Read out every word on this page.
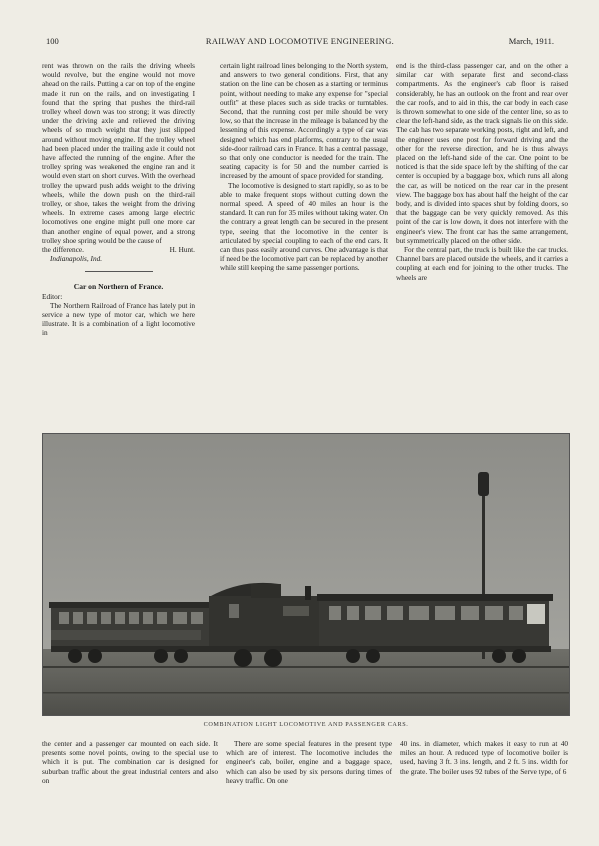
100	RAILWAY AND LOCOMOTIVE ENGINEERING.	March, 1911.

rent was thrown on the rails the driving wheels would revolve, but the engine would not move ahead on the rails. Putting a car on top of the engine made it run on the rails, and on investigating I found that the spring that pushes the third-rail trolley wheel down was too strong; it was directly under the driving axle and relieved the driving wheels of so much weight that they just slipped around without moving engine. If the trolley wheel had been placed under the trailing axle it could not have affected the running of the engine. After the trolley spring was weakened the engine ran and it would even start on short curves. With the overhead trolley the upward push adds weight to the driving wheels, while the down push on the third-rail trolley, or shoe, takes the weight from the driving wheels. In extreme cases among large electric locomotives one engine might pull one more car than another engine of equal power, and a strong trolley shoe spring would be the cause of

the difference.	H. Hunt.

Indianapolis, Ind.

Car on Northern of France.

Editor:

The Northern Railroad of France has lately put in service a new type of motor car, which we here illustrate. It is a combination of a light locomotive in

certain light railroad lines belonging to the North system, and answers to two general conditions. First, that any station on the line can be chosen as a starting or terminus point, without needing to make any expense for "special outfit" at these places such as side tracks or turntables. Second, that the running cost per mile should be very low, so that the increase in the mileage is balanced by the lessening of this expense. Accordingly a type of car was designed which has end platforms, contrary to the usual side-door railroad cars in France. It has a central passage, so that only one conductor is needed for the train. The seating capacity is for 50 and the number carried is increased by the amount of space provided for standing.

The locomotive is designed to start rapidly, so as to be able to make frequent stops without cutting down the normal speed. A speed of 40 miles an hour is the standard. It can run for 35 miles without taking water. On the contrary a great length can be secured in the present type, seeing that the locomotive in the center is articulated by special coupling to each of the end cars. It can thus pass easily around curves. One advantage is that if need be the locomotive part can be replaced by another while still keeping the same passenger portions.

end is the third-class passenger car, and on the other a similar car with separate first and second-class compartments. As the engineer's cab floor is raised considerably, he has an outlook on the front and rear over the car roofs, and to aid in this, the car body in each case is thrown somewhat to one side of the center line, so as to clear the left-hand side, as the track signals lie on this side. The cab has two separate working posts, right and left, and the engineer uses one post for forward driving and the other for the reverse direction, and he is thus always placed on the left-hand side of the car. One point to be noticed is that the side space left by the shifting of the car center is occupied by a baggage box, which runs all along the car, as will be noticed on the rear car in the present view. The baggage box has about half the height of the car body, and is divided into spaces shut by folding doors, so that the baggage can be very quickly removed. As this point of the car is low down, it does not interfere with the engineer's view. The front car has the same arrangement, but symmetrically placed on the other side.

For the central part, the truck is built like the car trucks. Channel bars are placed outside the wheels, and it carries a coupling at each end for joining to the other trucks. The wheels are

COMBINATION LIGHT LOCOMOTIVE AND PASSENGER CARS.

the center and a passenger car mounted on each side. It presents some novel points, owing to the special use to which it is put. The combination car is designed for suburban traffic about the great industrial centers and also on

There are some special features in the present type which are of interest. The locomotive includes the engineer's cab, boiler, engine and a baggage space, which can also be used by six persons during times of heavy traffic. On one

40 ins. in diameter, which makes it easy to run at 40 miles an hour. A reduced type of locomotive boiler is used, having 3 ft. 3 ins. length, and 2 ft. 5 ins. width for the grate. The boiler uses 92 tubes of the Serve type, of 6
